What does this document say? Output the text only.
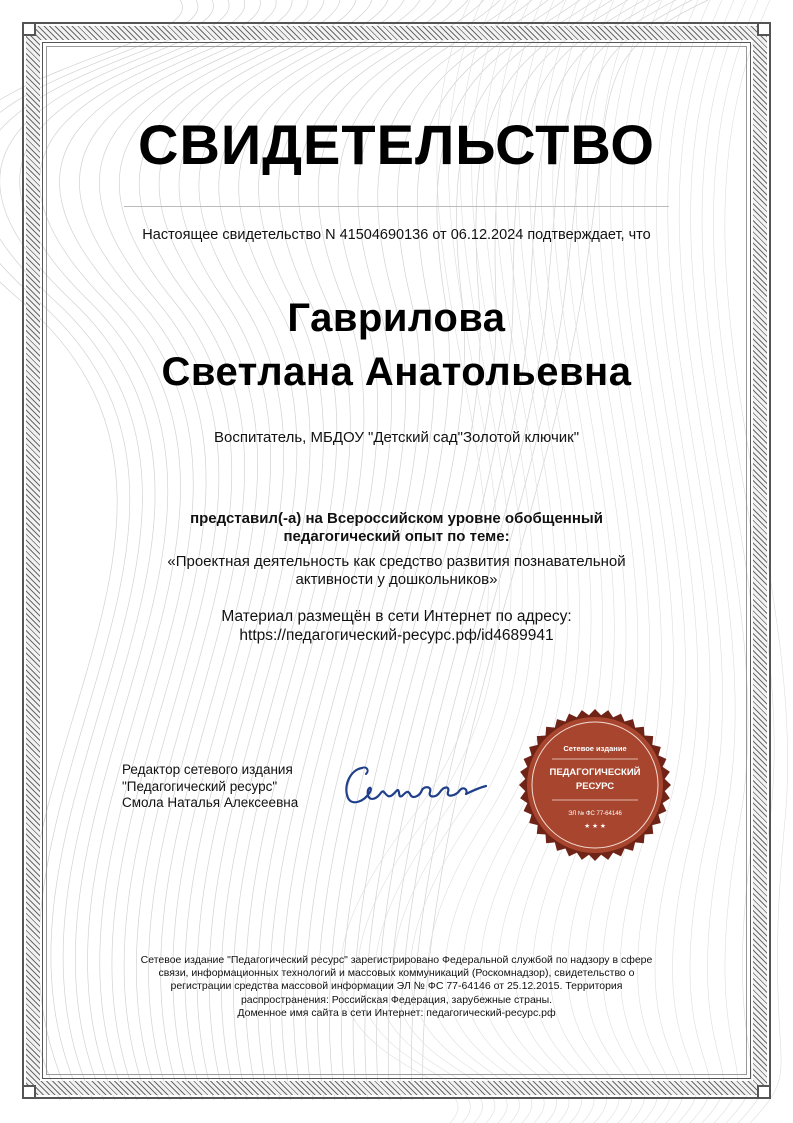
СВИДЕТЕЛЬСТВО
Настоящее свидетельство N 41504690136 от 06.12.2024 подтверждает, что
Гаврилова
Светлана Анатольевна
Воспитатель, МБДОУ "Детский сад"Золотой ключик"
представил(-а) на Всероссийском уровне обобщенный
педагогический опыт по теме:
«Проектная деятельность как средство развития познавательной
активности у дошкольников»
Материал размещён в сети Интернет по адресу:
https://педагогический-ресурс.рф/id4689941
Редактор сетевого издания
"Педагогический ресурс"
Смола Наталья Алексеевна
Сетевое издание
ПЕДАГОГИЧЕСКИЙ
РЕСУРС
ЭЛ № ФС 77-64146
★ ★ ★
Сетевое издание "Педагогический ресурс" зарегистрировано Федеральной службой по надзору в сфере
связи, информационных технологий и массовых коммуникаций (Роскомнадзор), свидетельство о
регистрации средства массовой информации ЭЛ № ФС 77-64146 от 25.12.2015. Территория
распространения: Российская Федерация, зарубежные страны.
Доменное имя сайта в сети Интернет: педагогический-ресурс.рф
